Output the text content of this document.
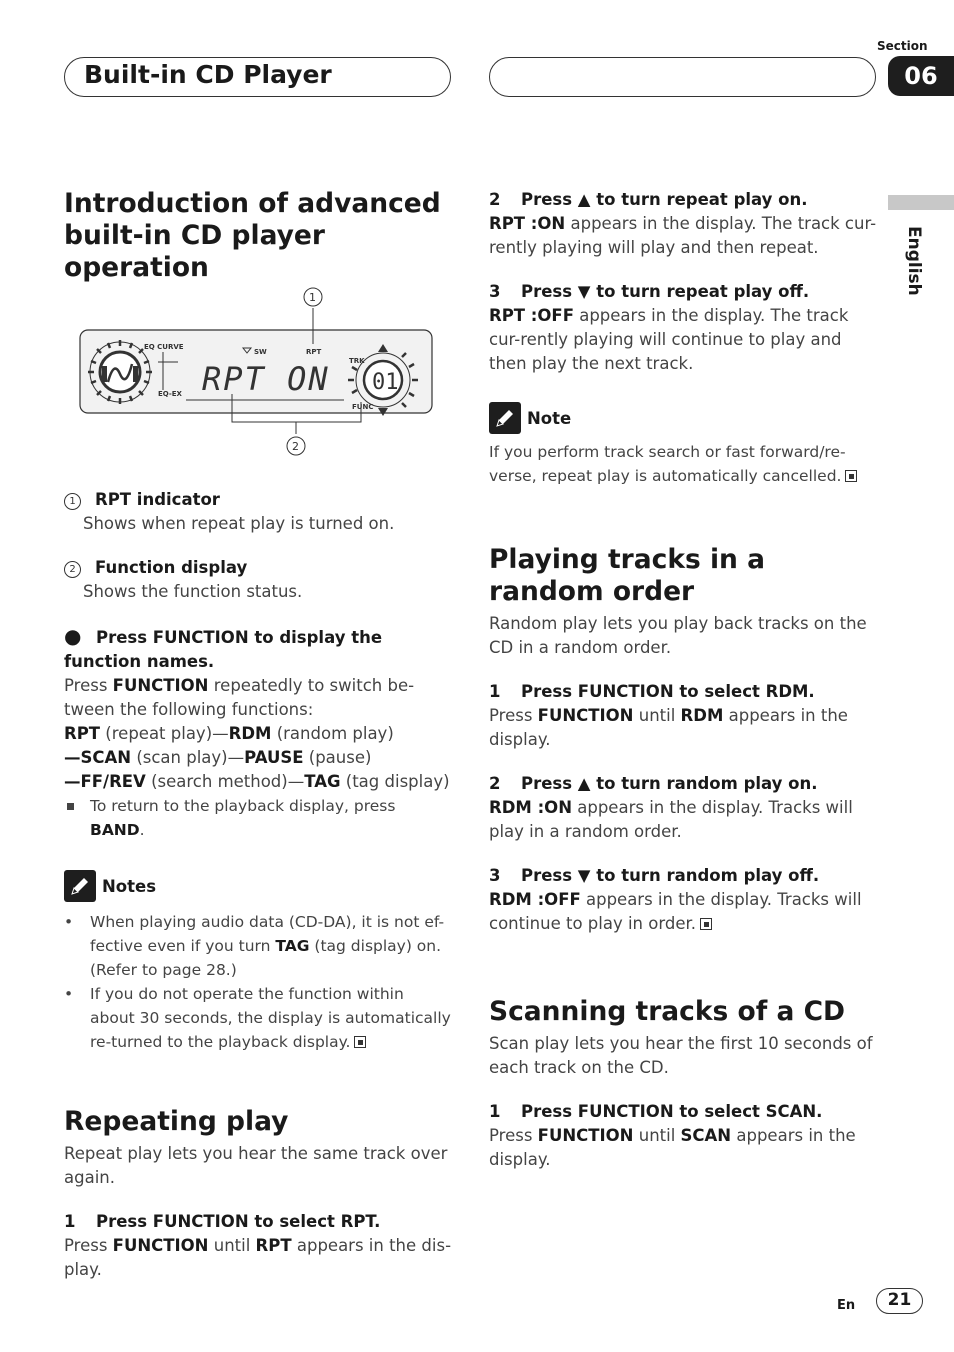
Built-in CD Player
Section
06
English
Introduction of advanced built-in CD player operation
01
EQ CURVE
SW	RPT
TRK
EQ-EX
FUNC
RPT ON
1
2

1 RPT indicator

Shows when repeat play is turned on.

2 Function display

Shows the function status.

● Press FUNCTION to display the function names.

Press FUNCTION repeatedly to switch be-tween the following functions:

RPT (repeat play)—RDM (random play)

—SCAN (scan play)—PAUSE (pause)

—FF/REV (search method)—TAG (tag display)

To return to the playback display, press BAND.

Notes

• When playing audio data (CD-DA), it is not ef-fective even if you turn TAG (tag display) on. (Refer to page 28.)

• If you do not operate the function within about 30 seconds, the display is automatically re-turned to the playback display.

Repeating play

Repeat play lets you hear the same track over again.

1 Press FUNCTION to select RPT.

Press FUNCTION until RPT appears in the dis-play.

2 Press ▲ to turn repeat play on.

RPT :ON appears in the display. The track cur-rently playing will play and then repeat.

3 Press ▼ to turn repeat play off.

RPT :OFF appears in the display. The track cur-rently playing will continue to play and then play the next track.

Note

If you perform track search or fast forward/re-verse, repeat play is automatically cancelled.

Playing tracks in a random order

Random play lets you play back tracks on the CD in a random order.

1 Press FUNCTION to select RDM.

Press FUNCTION until RDM appears in the display.

2 Press ▲ to turn random play on.

RDM :ON appears in the display. Tracks will play in a random order.

3 Press ▼ to turn random play off.

RDM :OFF appears in the display. Tracks will continue to play in order.

Scanning tracks of a CD

Scan play lets you hear the first 10 seconds of each track on the CD.

1 Press FUNCTION to select SCAN.

Press FUNCTION until SCAN appears in the display.

En	21
